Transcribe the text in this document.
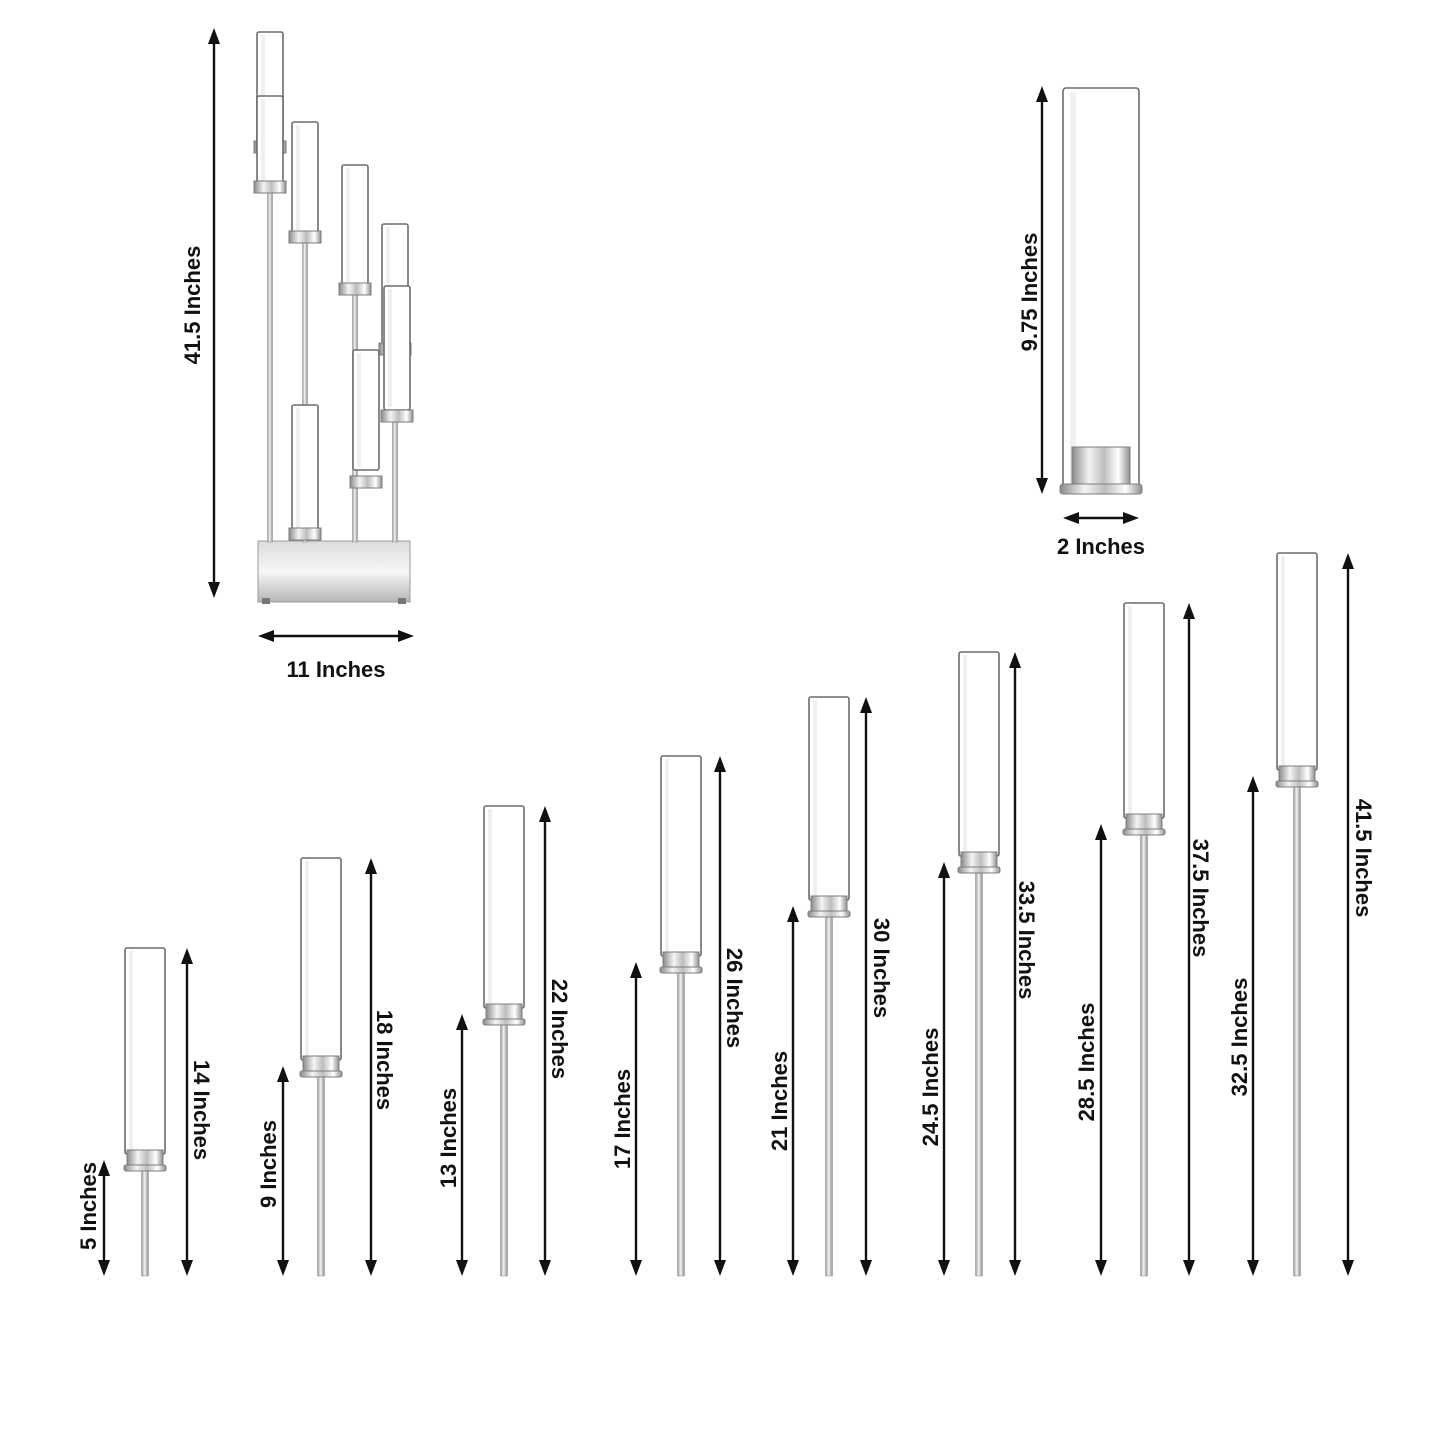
41.5 Inches
11 Inches
9.75 Inches
2 Inches
5 Inches
14 Inches
9 Inches
18 Inches
13 Inches
22 Inches
17 Inches
26 Inches
21 Inches
30 Inches
24.5 Inches
33.5 Inches
28.5 Inches
37.5 Inches
32.5 Inches
41.5 Inches
